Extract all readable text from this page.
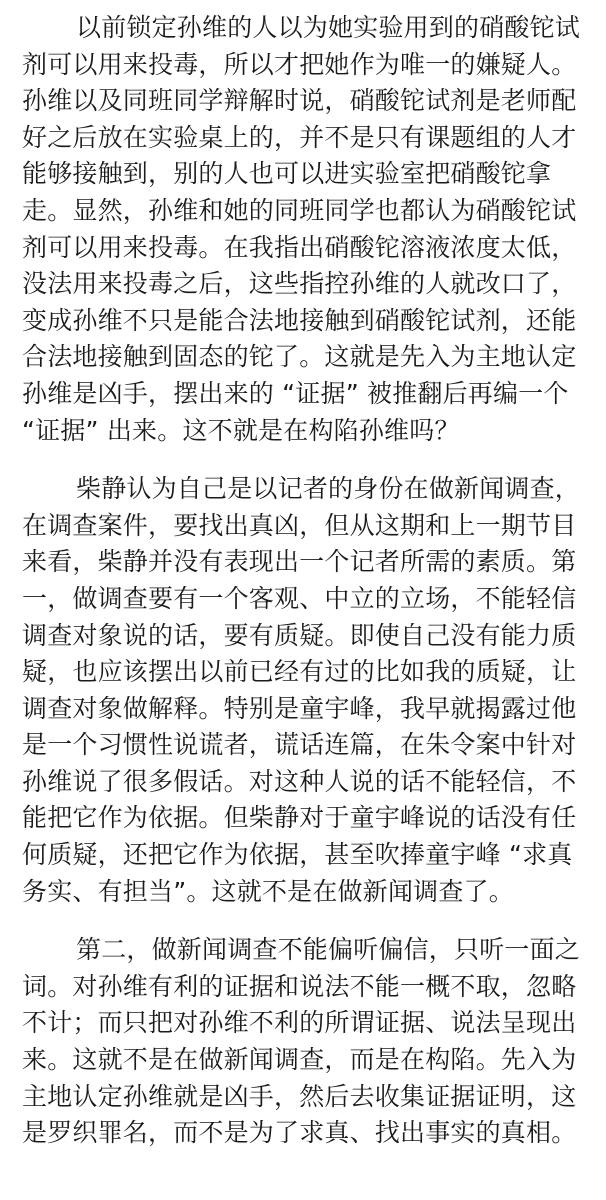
以前锁定孙维的人以为她实验用到的硝酸铊试
剂可以用来投毒，所以才把她作为唯一的嫌疑人。
孙维以及同班同学辩解时说，硝酸铊试剂是老师配
好之后放在实验桌上的，并不是只有课题组的人才
能够接触到，别的人也可以进实验室把硝酸铊拿
走。显然，孙维和她的同班同学也都认为硝酸铊试
剂可以用来投毒。在我指出硝酸铊溶液浓度太低，
没法用来投毒之后，这些指控孙维的人就改口了，
变成孙维不只是能合法地接触到硝酸铊试剂，还能
合法地接触到固态的铊了。这就是先入为主地认定
孙维是凶手，摆出来的 “证据” 被推翻后再编一个
“证据” 出来。这不就是在构陷孙维吗？
柴静认为自己是以记者的身份在做新闻调查，
在调查案件，要找出真凶，但从这期和上一期节目
来看，柴静并没有表现出一个记者所需的素质。第
一，做调查要有一个客观、中立的立场，不能轻信
调查对象说的话，要有质疑。即使自己没有能力质
疑，也应该摆出以前已经有过的比如我的质疑，让
调查对象做解释。特别是童宇峰，我早就揭露过他
是一个习惯性说谎者，谎话连篇，在朱令案中针对
孙维说了很多假话。对这种人说的话不能轻信，不
能把它作为依据。但柴静对于童宇峰说的话没有任
何质疑，还把它作为依据，甚至吹捧童宇峰 “求真
务实、有担当”。这就不是在做新闻调查了。
第二，做新闻调查不能偏听偏信，只听一面之
词。对孙维有利的证据和说法不能一概不取，忽略
不计；而只把对孙维不利的所谓证据、说法呈现出
来。这就不是在做新闻调查，而是在构陷。先入为
主地认定孙维就是凶手，然后去收集证据证明，这
是罗织罪名，而不是为了求真、找出事实的真相。
